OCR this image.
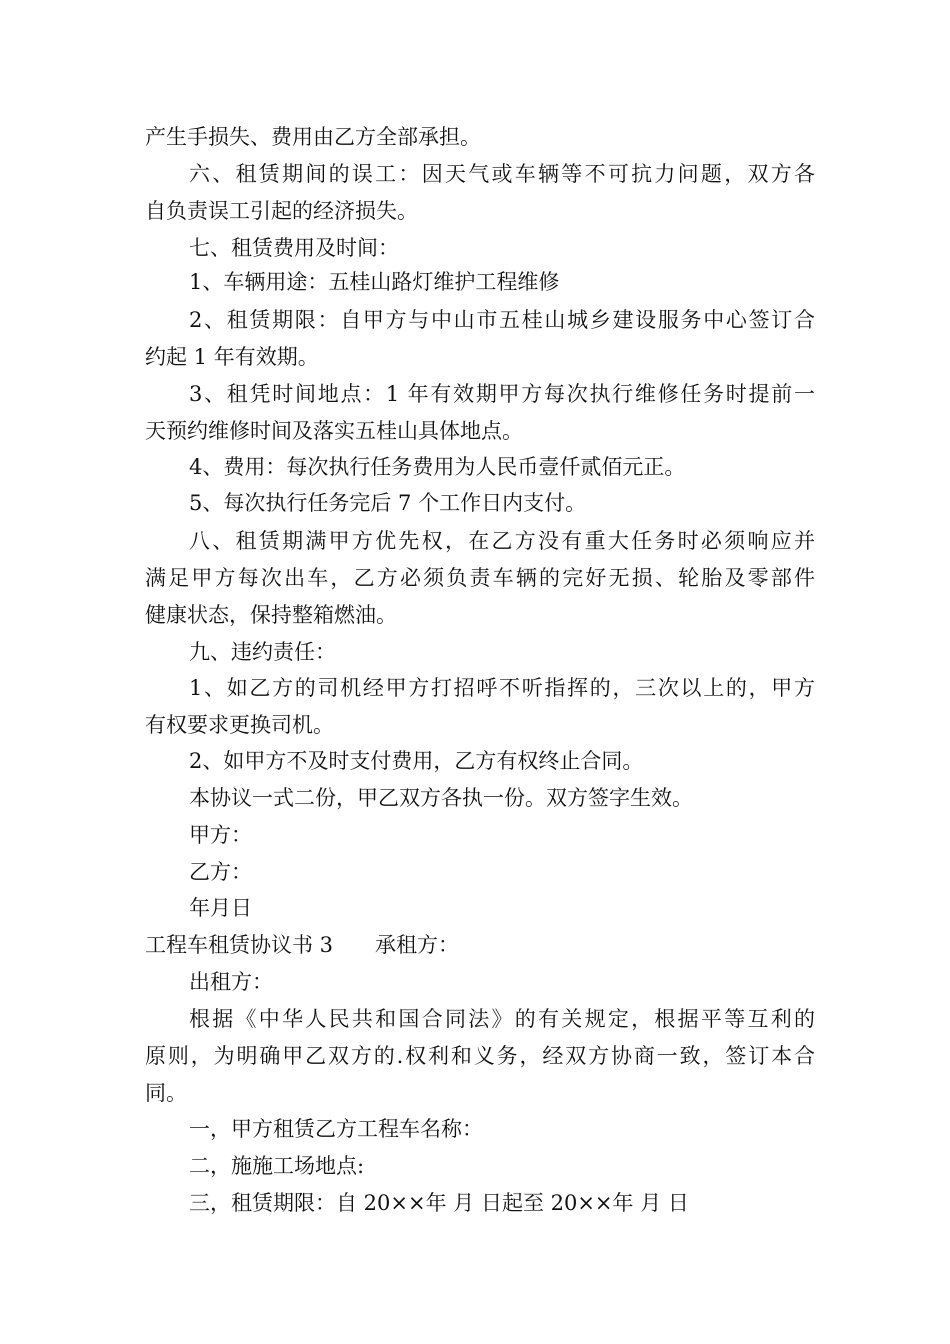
产生手损失、费用由乙方全部承担。
六、租赁期间的误工：因天气或车辆等不可抗力问题，双方各
自负责误工引起的经济损失。
七、租赁费用及时间：
1、车辆用途：五桂山路灯维护工程维修
2、租赁期限：自甲方与中山市五桂山城乡建设服务中心签订合
约起 1 年有效期。
3、租凭时间地点：1 年有效期甲方每次执行维修任务时提前一
天预约维修时间及落实五桂山具体地点。
4、费用：每次执行任务费用为人民币壹仟贰佰元正。
5、每次执行任务完后 7 个工作日内支付。
八、租赁期满甲方优先权，在乙方没有重大任务时必须响应并
满足甲方每次出车，乙方必须负责车辆的完好无损、轮胎及零部件
健康状态，保持整箱燃油。
九、违约责任：
1、如乙方的司机经甲方打招呼不听指挥的，三次以上的，甲方
有权要求更换司机。
2、如甲方不及时支付费用，乙方有权终止合同。
本协议一式二份，甲乙双方各执一份。双方签字生效。
甲方：
乙方：
年月日
工程车租赁协议书 3　　承租方：
出租方：
根据《中华人民共和国合同法》的有关规定，根据平等互利的
原则，为明确甲乙双方的.权利和义务，经双方协商一致，签订本合
同。
一，甲方租赁乙方工程车名称：
二，施施工场地点:
三，租赁期限：自 20××年 月 日起至 20××年 月 日
